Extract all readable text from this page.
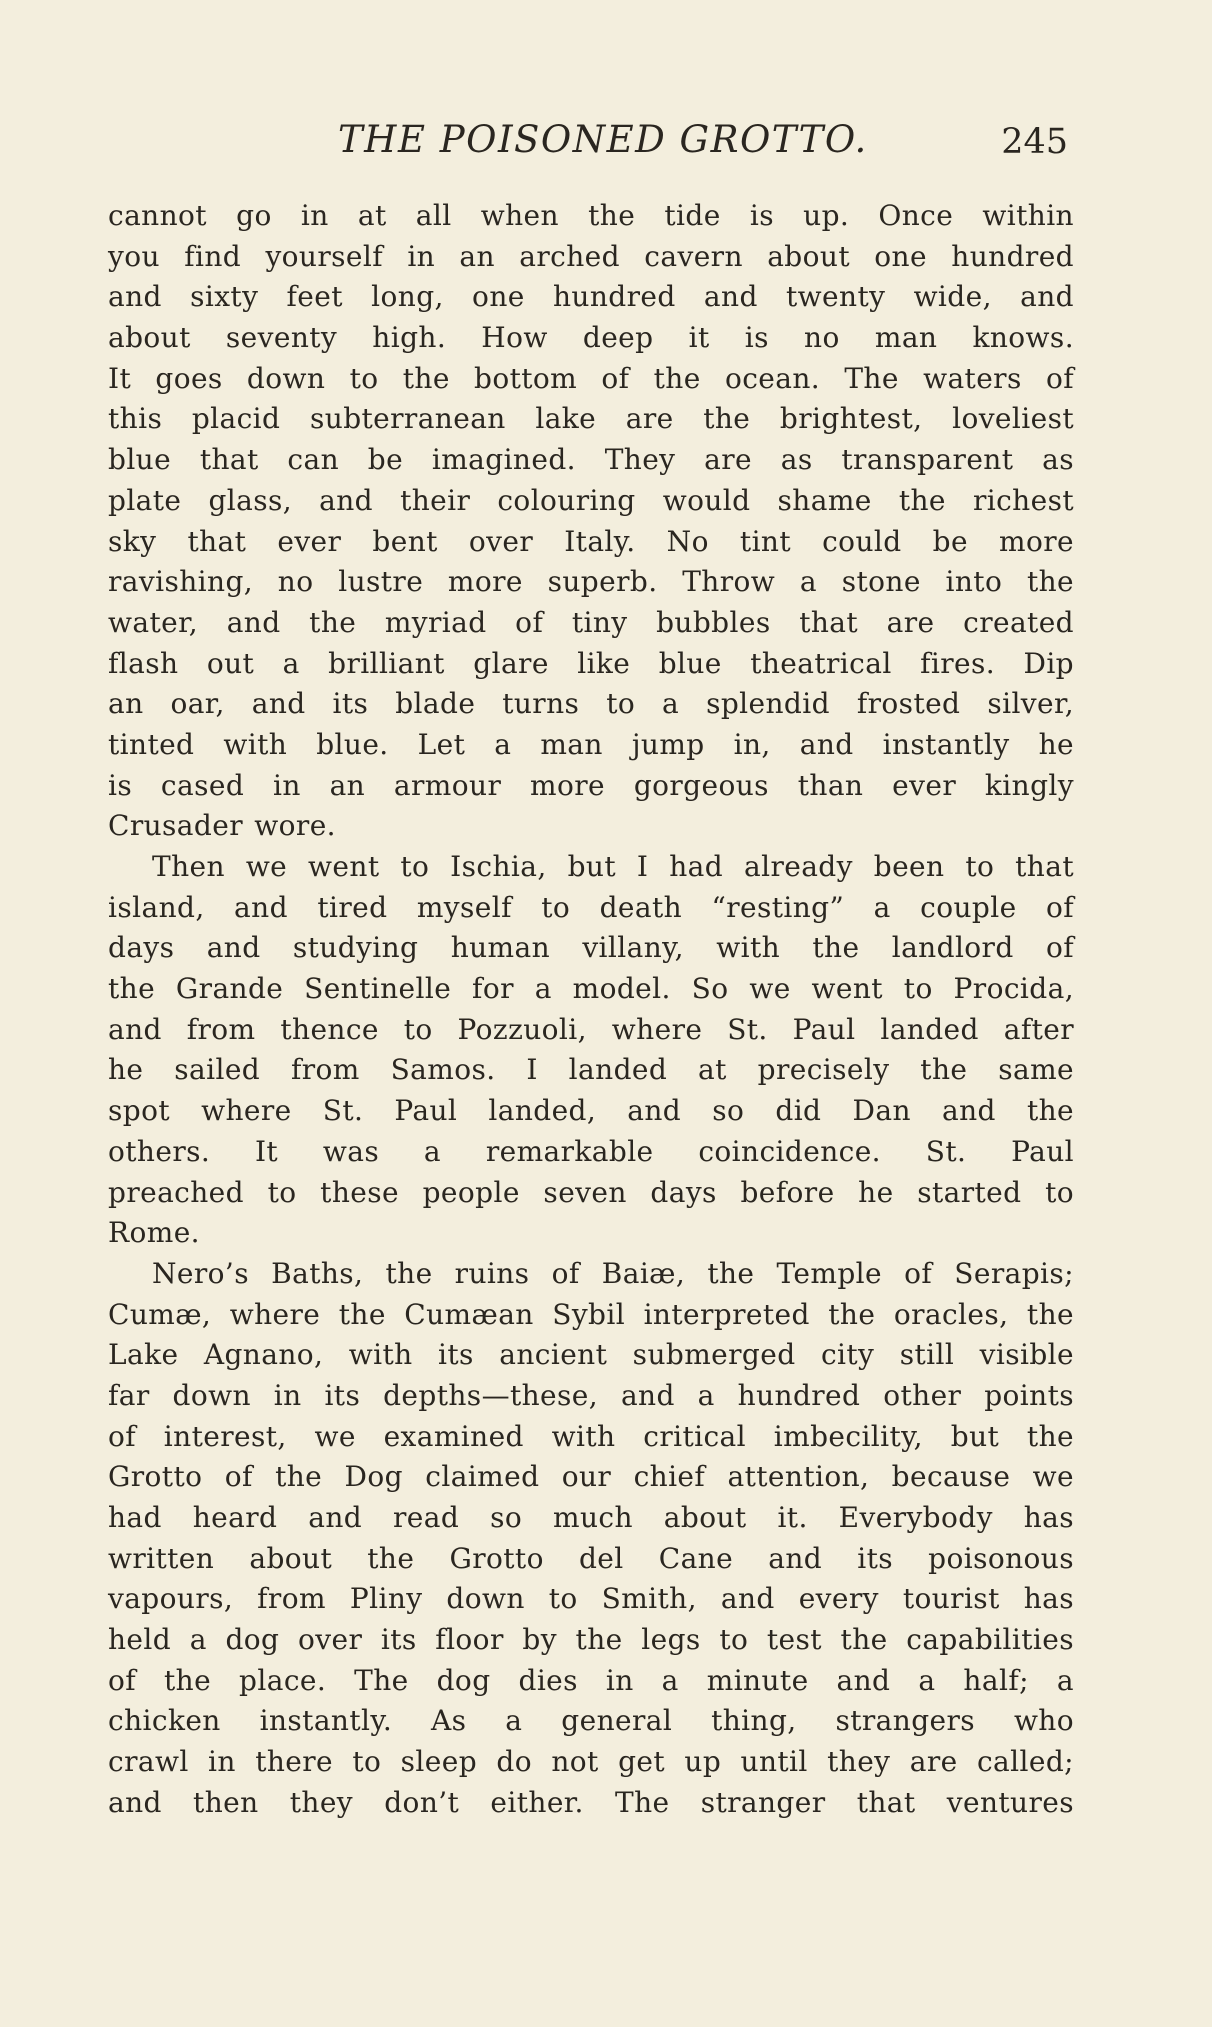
THE POISONED GROTTO.	245
cannot go in at all when the tide is up. Once within
you find yourself in an arched cavern about one hundred
and sixty feet long, one hundred and twenty wide, and
about seventy high. How deep it is no man knows.
It goes down to the bottom of the ocean. The waters of
this placid subterranean lake are the brightest, loveliest
blue that can be imagined. They are as transparent as
plate glass, and their colouring would shame the richest
sky that ever bent over Italy. No tint could be more
ravishing, no lustre more superb. Throw a stone into the
water, and the myriad of tiny bubbles that are created
flash out a brilliant glare like blue theatrical fires. Dip
an oar, and its blade turns to a splendid frosted silver,
tinted with blue. Let a man jump in, and instantly he
is cased in an armour more gorgeous than ever kingly
Crusader wore.
Then we went to Ischia, but I had already been to that
island, and tired myself to death “resting” a couple of
days and studying human villany, with the landlord of
the Grande Sentinelle for a model. So we went to Procida,
and from thence to Pozzuoli, where St. Paul landed after
he sailed from Samos. I landed at precisely the same
spot where St. Paul landed, and so did Dan and the
others. It was a remarkable coincidence. St. Paul
preached to these people seven days before he started to
Rome.
Nero’s Baths, the ruins of Baiæ, the Temple of Serapis;
Cumæ, where the Cumæan Sybil interpreted the oracles, the
Lake Agnano, with its ancient submerged city still visible
far down in its depths—these, and a hundred other points
of interest, we examined with critical imbecility, but the
Grotto of the Dog claimed our chief attention, because we
had heard and read so much about it. Everybody has
written about the Grotto del Cane and its poisonous
vapours, from Pliny down to Smith, and every tourist has
held a dog over its floor by the legs to test the capabilities
of the place. The dog dies in a minute and a half; a
chicken instantly. As a general thing, strangers who
crawl in there to sleep do not get up until they are called;
and then they don’t either. The stranger that ventures
